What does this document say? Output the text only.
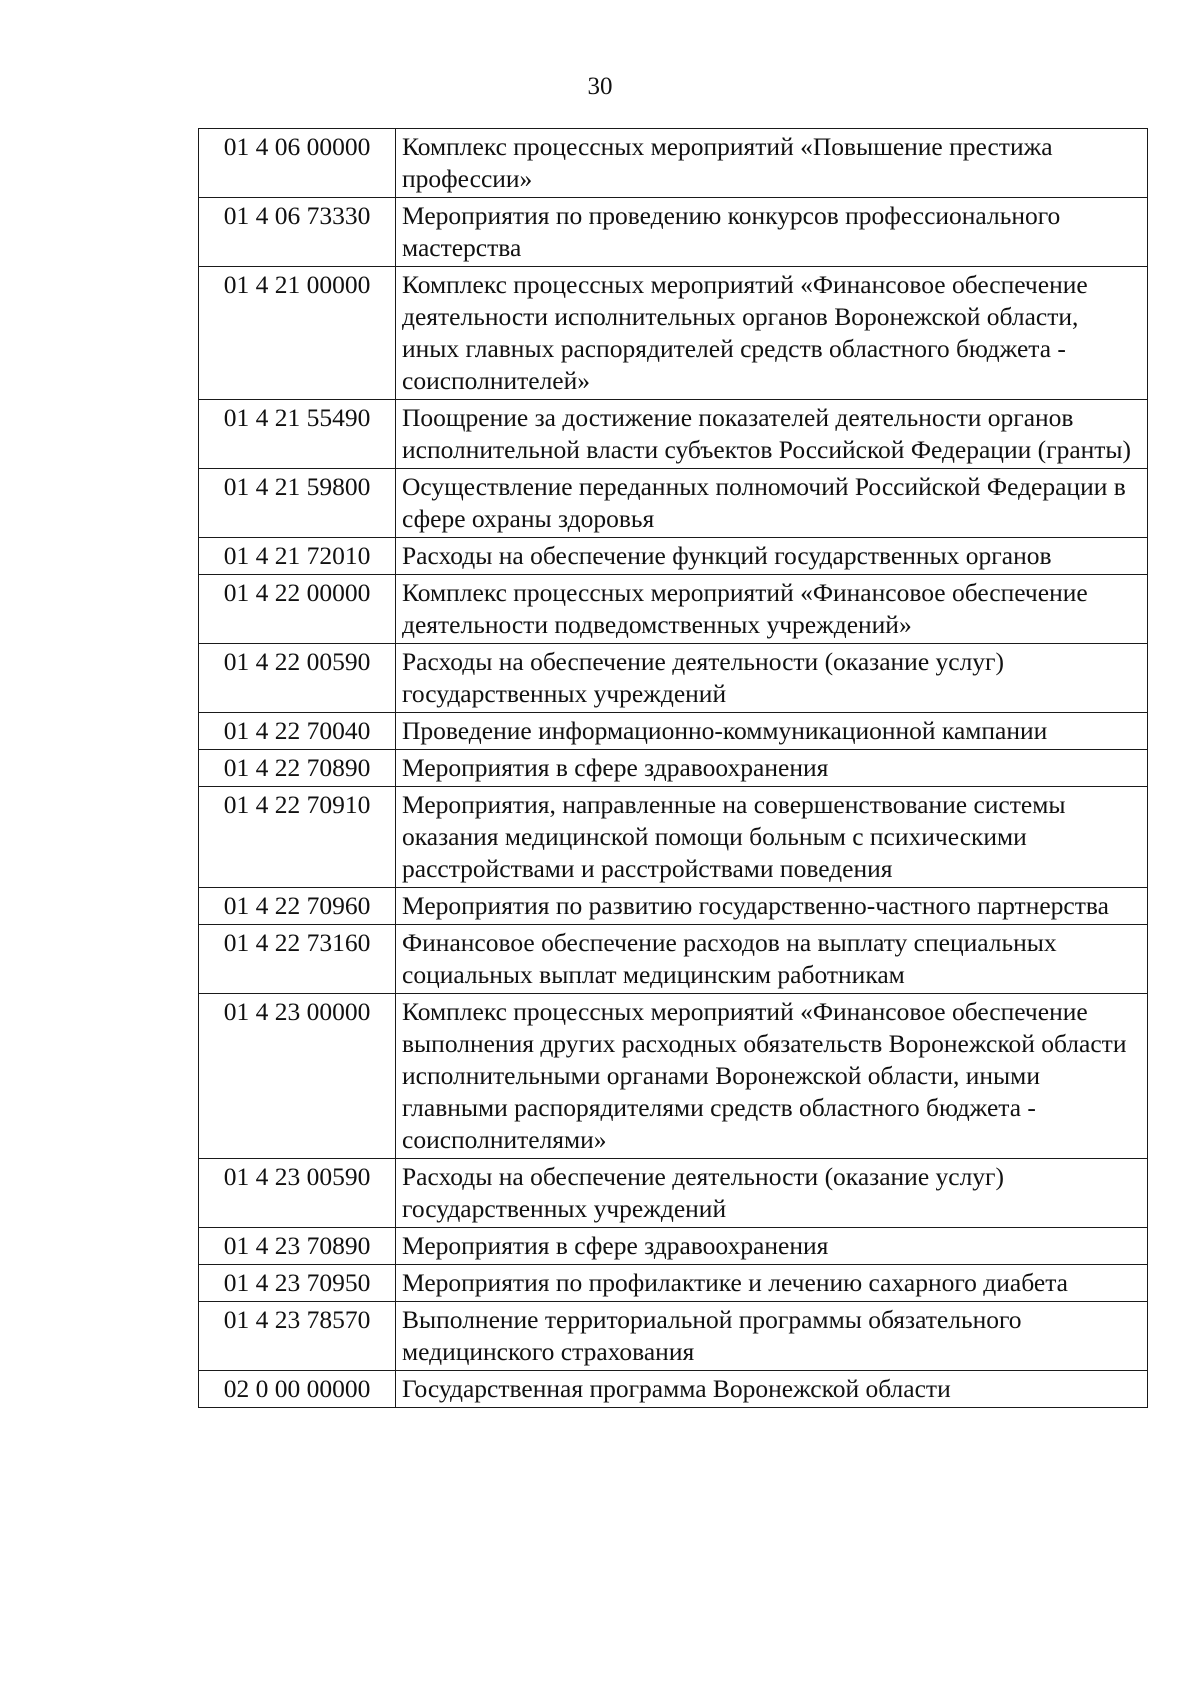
30
01 4 06 00000	Комплекс процессных мероприятий «Повышение престижа профессии»
01 4 06 73330	Мероприятия по проведению конкурсов профессионального мастерства
01 4 21 00000	Комплекс процессных мероприятий «Финансовое обеспечение деятельности исполнительных органов Воронежской области, иных главных распорядителей средств областного бюджета - соисполнителей»
01 4 21 55490	Поощрение за достижение показателей деятельности органов исполнительной власти субъектов Российской Федерации (гранты)
01 4 21 59800	Осуществление переданных полномочий Российской Федерации в сфере охраны здоровья
01 4 21 72010	Расходы на обеспечение функций государственных органов
01 4 22 00000	Комплекс процессных мероприятий «Финансовое обеспечение деятельности подведомственных учреждений»
01 4 22 00590	Расходы на обеспечение деятельности (оказание услуг) государственных учреждений
01 4 22 70040	Проведение информационно-коммуникационной кампании
01 4 22 70890	Мероприятия в сфере здравоохранения
01 4 22 70910	Мероприятия, направленные на совершенствование системы оказания медицинской помощи больным с психическими расстройствами и расстройствами поведения
01 4 22 70960	Мероприятия по развитию государственно-частного партнерства
01 4 22 73160	Финансовое обеспечение расходов на выплату специальных социальных выплат медицинским работникам
01 4 23 00000	Комплекс процессных мероприятий «Финансовое обеспечение выполнения других расходных обязательств Воронежской области исполнительными органами Воронежской области, иными главными распорядителями средств областного бюджета - соисполнителями»
01 4 23 00590	Расходы на обеспечение деятельности (оказание услуг) государственных учреждений
01 4 23 70890	Мероприятия в сфере здравоохранения
01 4 23 70950	Мероприятия по профилактике и лечению сахарного диабета
01 4 23 78570	Выполнение территориальной программы обязательного медицинского страхования
02 0 00 00000	Государственная программа Воронежской области
